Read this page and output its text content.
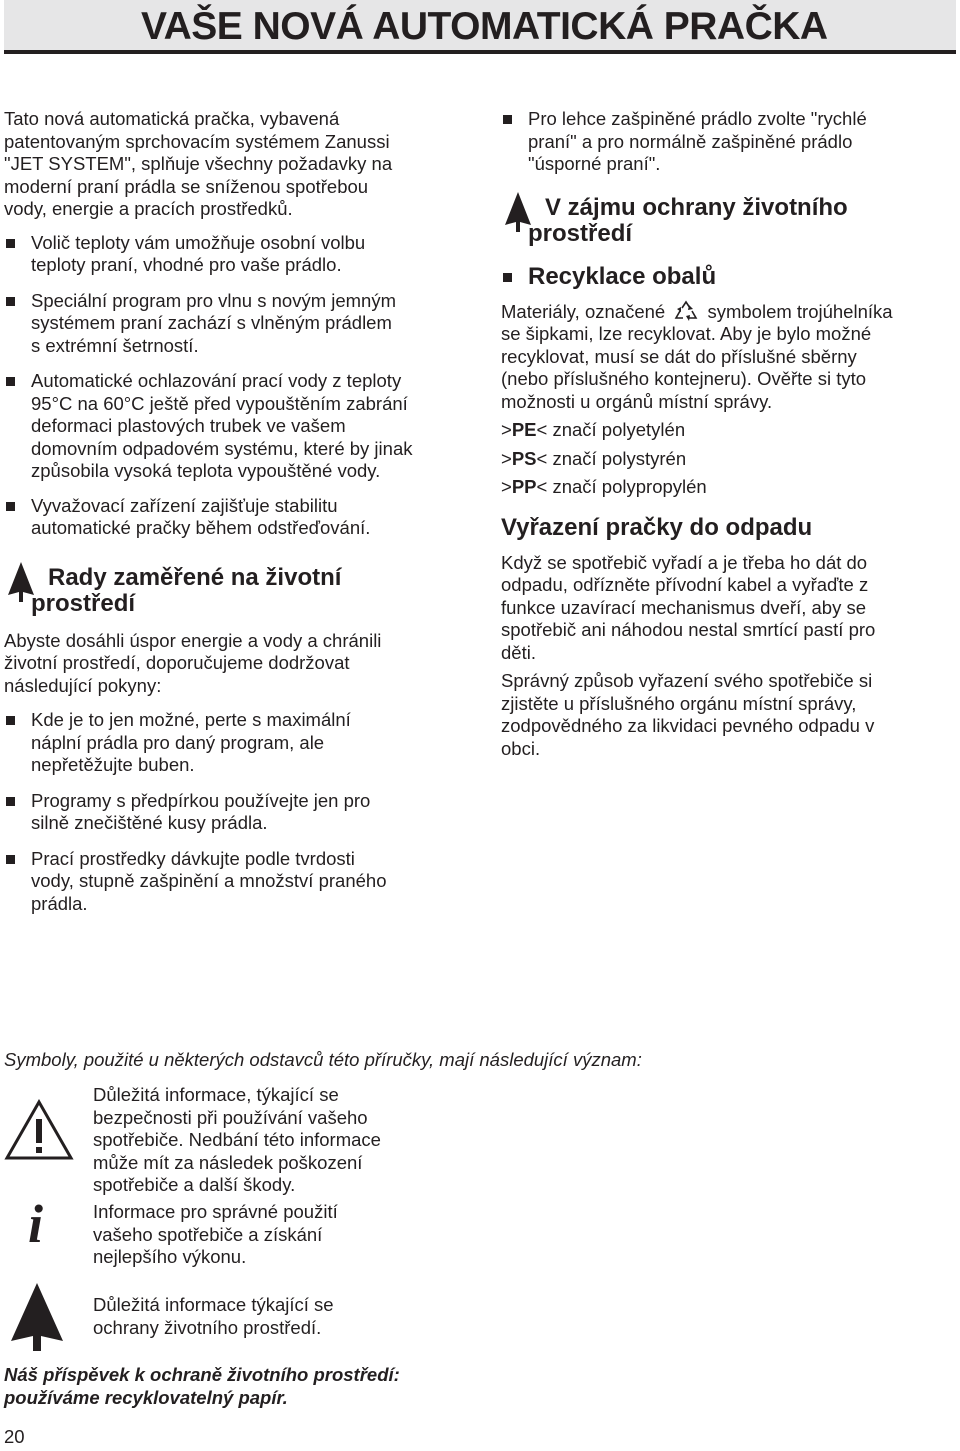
VAŠE NOVÁ AUTOMATICKÁ PRAČKA

Tato nová automatická pračka, vybavená
patentovaným sprchovacím systémem Zanussi
"JET SYSTEM", splňuje všechny požadavky na
moderní praní prádla se sníženou spotřebou
vody, energie a pracích prostředků.

Volič teploty vám umožňuje osobní volbu
teploty praní, vhodné pro vaše prádlo.

Speciální program pro vlnu s novým jemným
systémem praní zachází s vlněným prádlem
s extrémní šetrností.

Automatické ochlazování prací vody z teploty
95°C na 60°C ještě před vypouštěním zabrání
deformaci plastových trubek ve vašem
domovním odpadovém systému, které by jinak
způsobila vysoká teplota vypouštěné vody.

Vyvažovací zařízení zajišťuje stabilitu
automatické pračky během odstřeďování.

Rady zaměřené na životní
prostředí

Abyste dosáhli úspor energie a vody a chránili
životní prostředí, doporučujeme dodržovat
následující pokyny:

Kde je to jen možné, perte s maximální
náplní prádla pro daný program, ale
nepřetěžujte buben.

Programy s předpírkou používejte jen pro
silně znečištěné kusy prádla.

Prací prostředky dávkujte podle tvrdosti
vody, stupně zašpinění a množství praného
prádla.

Pro lehce zašpiněné prádlo zvolte "rychlé
praní" a pro normálně zašpiněné prádlo
"úsporné praní".

V zájmu ochrany životního
prostředí
Recyklace obalů

Materiály, označené symbolem trojúhelníka
se šipkami, lze recyklovat. Aby je bylo možné
recyklovat, musí se dát do příslušné sběrny
(nebo příslušného kontejneru). Ověřte si tyto
možnosti u orgánů místní správy.

>PE< značí polyetylén

>PS< značí polystyrén

>PP< značí polypropylén

Vyřazení pračky do odpadu

Když se spotřebič vyřadí a je třeba ho dát do
odpadu, odřízněte přívodní kabel a vyřaďte z
funkce uzavírací mechanismus dveří, aby se
spotřebič ani náhodou nestal smrtící pastí pro
děti.

Správný způsob vyřazení svého spotřebiče si
zjistěte u příslušného orgánu místní správy,
zodpovědného za likvidaci pevného odpadu v
obci.

Symboly, použité u některých odstavců této příručky, mají následující význam:
Důležitá informace, týkající se
bezpečnosti při používání vašeho
spotřebiče. Nedbání této informace
může mít za následek poškození
spotřebiče a další škody.
i	Informace pro správné použití
vašeho spotřebiče a získání
nejlepšího výkonu.
Důležitá informace týkající se
ochrany životního prostředí.
Náš příspěvek k ochraně životního prostředí:
používáme recyklovatelný papír.
20
